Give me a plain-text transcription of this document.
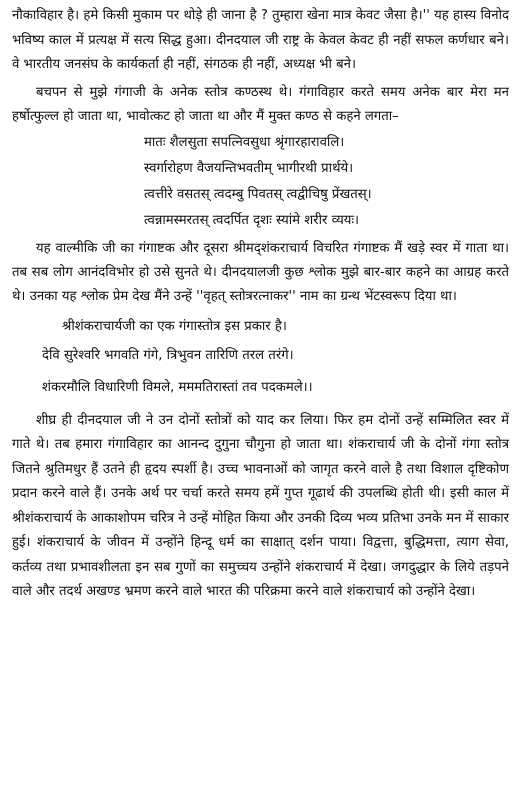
नौकाविहार है। हमे किसी मुकाम पर थोड़े ही जाना है ? तुम्हारा खेना मात्र केवट जैसा है।'' यह हास्य विनोद भविष्य काल में प्रत्यक्ष में सत्य सिद्ध हुआ। दीनदयाल जी राष्ट्र के केवल केवट ही नहीं सफल कर्णधार बने। वे भारतीय जनसंघ के कार्यकर्ता ही नहीं, संगठक ही नहीं, अध्यक्ष भी बने।

बचपन से मुझे गंगाजी के अनेक स्तोत्र कण्ठस्थ थे। गंगाविहार करते समय अनेक बार मेरा मन हर्षोत्फुल्ल हो जाता था, भावोत्कट हो जाता था और मैं मुक्त कण्ठ से कहने लगता–

मातः शैलसुता सपत्निवसुधा श्रृंगारहारावलि।
स्वर्गारोहण वैजयन्तिभवतीम् भागीरथी प्रार्थये।
त्वत्तीरे वसतस् त्वदम्बु पिवतस् त्वद्वीचिषु प्रेंखतस्।
त्वन्नामस्मरतस् त्वदर्पित दृशः स्यांमे शरीर व्ययः।

यह वाल्मीकि जी का गंगाष्टक और दूसरा श्रीमद्शंकराचार्य विचरित गंगाष्टक मैं खड़े स्वर में गाता था। तब सब लोग आनंदविभोर हो उसे सुनते थे। दीनदयालजी कुछ श्लोक मुझे बार-बार कहने का आग्रह करते थे। उनका यह श्लोक प्रेम देख मैंने उन्हें ''वृहत् स्तोत्ररत्नाकर'' नाम का ग्रन्थ भेंटस्वरूप दिया था।

श्रीशंकराचार्यजी का एक गंगास्तोत्र इस प्रकार है।

देवि सुरेश्वरि भगवति गंगे, त्रिभुवन तारिणि तरल तरंगे।
शंकरमौलि विधारिणी विमले, मममतिरास्तां तव पदकमले।।

शीघ्र ही दीनदयाल जी ने उन दोनों स्तोत्रों को याद कर लिया। फिर हम दोनों उन्हें सम्मिलित स्वर में गाते थे। तब हमारा गंगाविहार का आनन्द दुगुना चौगुना हो जाता था। शंकराचार्य जी के दोनों गंगा स्तोत्र जितने श्रुतिमधुर हैं उतने ही हृदय स्पर्शी है। उच्च भावनाओं को जागृत करने वाले है तथा विशाल दृष्टिकोण प्रदान करने वाले हैं। उनके अर्थ पर चर्चा करते समय हमें गुप्त गूढार्थ की उपलब्धि होती थी। इसी काल में श्रीशंकराचार्य के आकाशोपम चरित्र ने उन्हें मोहित किया और उनकी दिव्य भव्य प्रतिभा उनके मन में साकार हुई। शंकराचार्य के जीवन में उन्होंने हिन्दू धर्म का साक्षात् दर्शन पाया। विद्वत्ता, बुद्धिमत्ता, त्याग सेवा, कर्तव्य तथा प्रभावशीलता इन सब गुणों का समुच्चय उन्होंने शंकराचार्य में देखा। जगदुद्धार के लिये तड़पने वाले और तदर्थ अखण्ड भ्रमण करने वाले भारत की परिक्रमा करने वाले शंकराचार्य को उन्होंने देखा।
